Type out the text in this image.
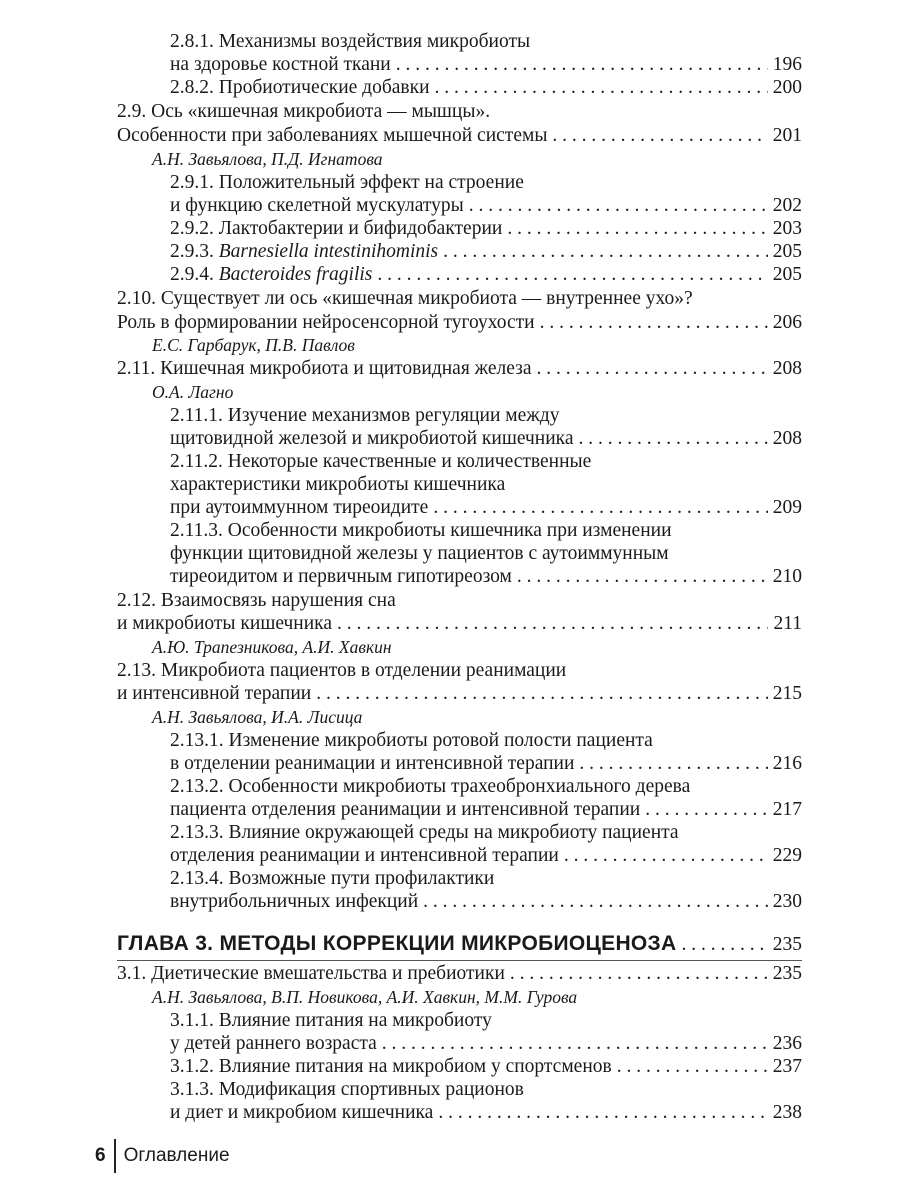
2.8.1. Механизмы воздействия микробиоты
на здоровье костной ткани . . .	196
2.8.2. Пробиотические добавки . . .	200
2.9. Ось «кишечная микробиота — мышцы».
Особенности при заболеваниях мышечной системы . . .	201
А.Н. Завьялова, П.Д. Игнатова
2.9.1. Положительный эффект на строение
и функцию скелетной мускулатуры . . .	202
2.9.2. Лактобактерии и бифидобактерии . . .	203
2.9.3. Barnesiella intestinihominis . . .	205
2.9.4. Bacteroides fragilis . . .	205
2.10. Существует ли ось «кишечная микробиота — внутреннее ухо»?
Роль в формировании нейросенсорной тугоухости . . .	206
Е.С. Гарбарук, П.В. Павлов
2.11. Кишечная микробиота и щитовидная железа . . .	208
О.А. Лагно
2.11.1. Изучение механизмов регуляции между
щитовидной железой и микробиотой кишечника . . .	208
2.11.2. Некоторые качественные и количественные
характеристики микробиоты кишечника
при аутоиммунном тиреоидите . . .	209
2.11.3. Особенности микробиоты кишечника при изменении
функции щитовидной железы у пациентов с аутоиммунным
тиреоидитом и первичным гипотиреозом . . .	210
2.12. Взаимосвязь нарушения сна
и микробиоты кишечника . . .	211
А.Ю. Трапезникова, А.И. Хавкин
2.13. Микробиота пациентов в отделении реанимации
и интенсивной терапии . . .	215
А.Н. Завьялова, И.А. Лисица
2.13.1. Изменение микробиоты ротовой полости пациента
в отделении реанимации и интенсивной терапии . . .	216
2.13.2. Особенности микробиоты трахеобронхиального дерева
пациента отделения реанимации и интенсивной терапии . . .	217
2.13.3. Влияние окружающей среды на микробиоту пациента
отделения реанимации и интенсивной терапии . . .	229
2.13.4. Возможные пути профилактики
внутрибольничных инфекций . . .	230
ГЛАВА 3. МЕТОДЫ КОРРЕКЦИИ МИКРОБИОЦЕНОЗА . . .	235
3.1. Диетические вмешательства и пребиотики . . .	235
А.Н. Завьялова, В.П. Новикова, А.И. Хавкин, М.М. Гурова
3.1.1. Влияние питания на микробиоту
у детей раннего возраста . . .	236
3.1.2. Влияние питания на микробиом у спортсменов . . .	237
3.1.3. Модификация спортивных рационов
и диет и микробиом кишечника . . .	238
6 Оглавление
